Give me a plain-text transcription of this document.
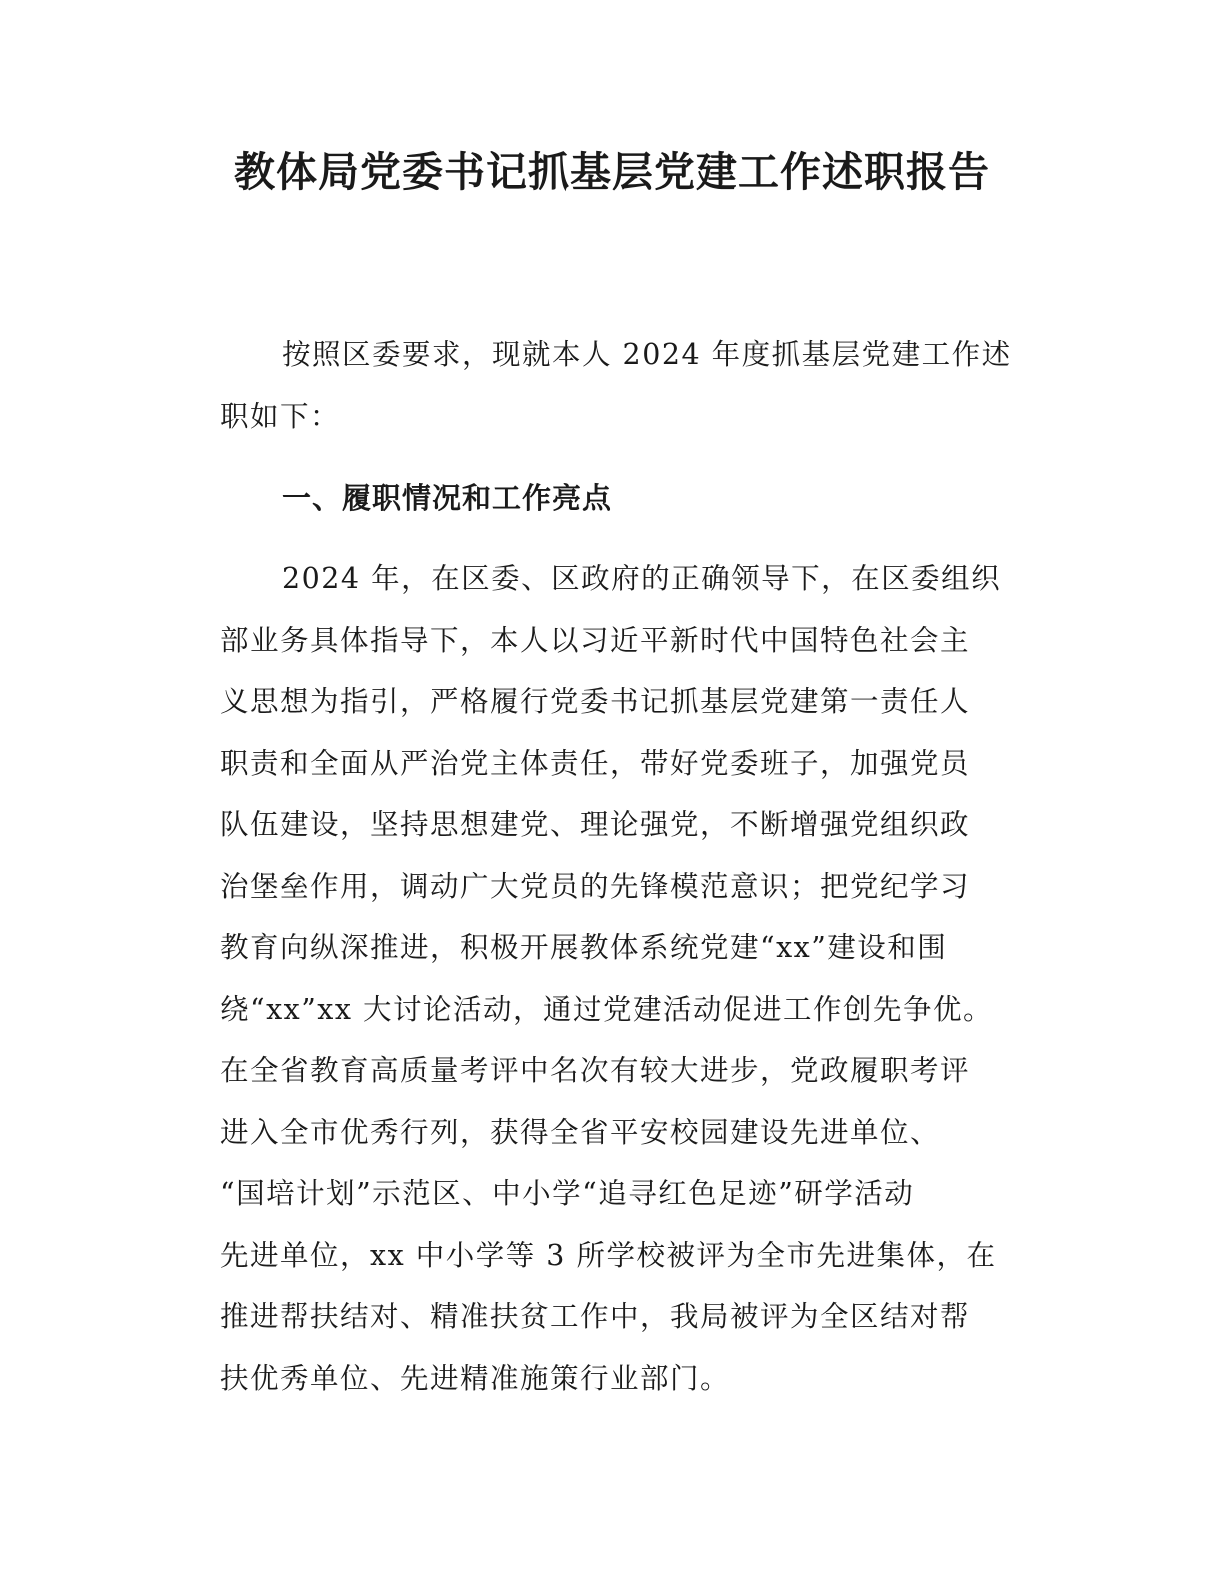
教体局党委书记抓基层党建工作述职报告
按照区委要求，现就本人 2024 年度抓基层党建工作述
职如下：
一、履职情况和工作亮点
2024 年，在区委、区政府的正确领导下，在区委组织
部业务具体指导下，本人以习近平新时代中国特色社会主
义思想为指引，严格履行党委书记抓基层党建第一责任人
职责和全面从严治党主体责任，带好党委班子，加强党员
队伍建设，坚持思想建党、理论强党，不断增强党组织政
治堡垒作用，调动广大党员的先锋模范意识；把党纪学习
教育向纵深推进，积极开展教体系统党建“xx”建设和围
绕“xx”xx 大讨论活动，通过党建活动促进工作创先争优。
在全省教育高质量考评中名次有较大进步，党政履职考评
进入全市优秀行列，获得全省平安校园建设先进单位、
“国培计划”示范区、中小学“追寻红色足迹”研学活动
先进单位，xx 中小学等 3 所学校被评为全市先进集体，在
推进帮扶结对、精准扶贫工作中，我局被评为全区结对帮
扶优秀单位、先进精准施策行业部门。
